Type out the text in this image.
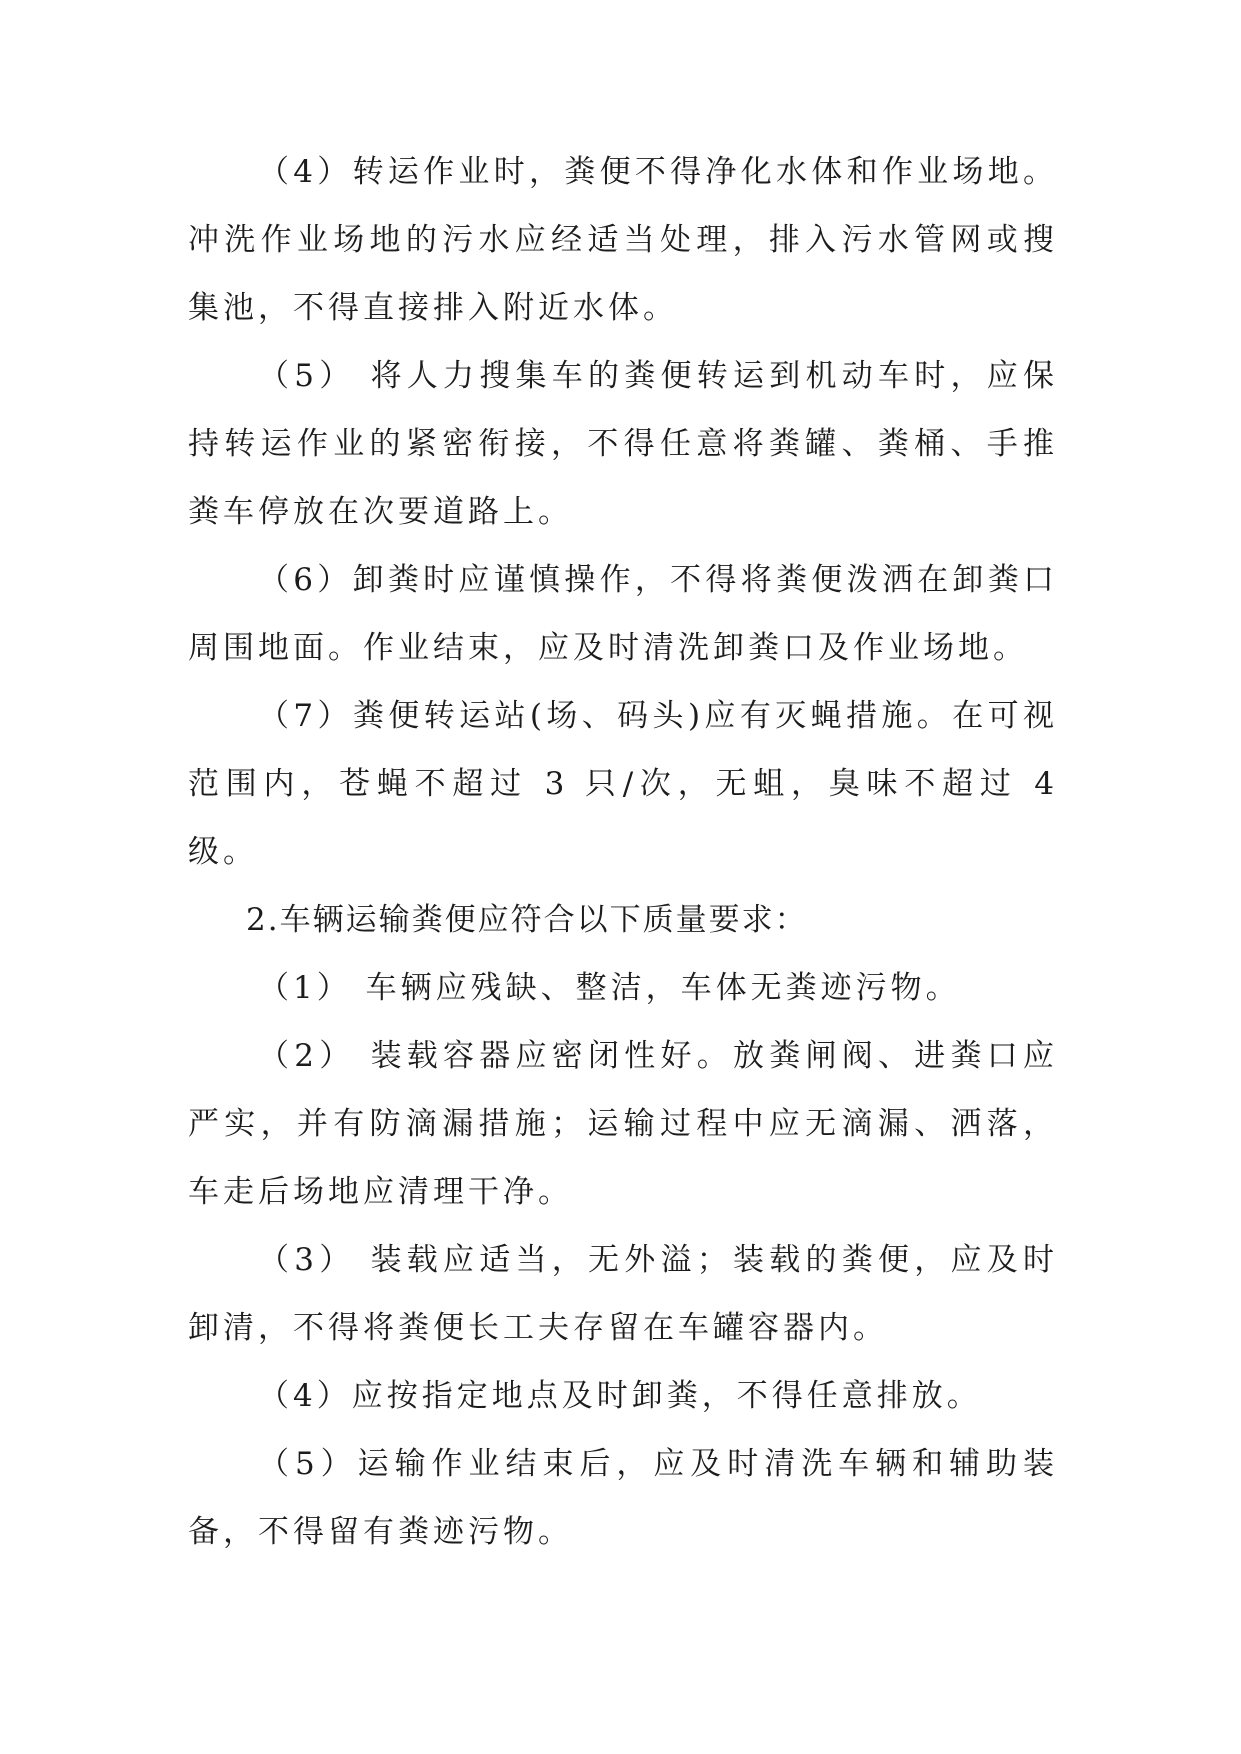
（4）转运作业时，粪便不得净化水体和作业场地。冲洗作业场地的污水应经适当处理，排入污水管网或搜集池，不得直接排入附近水体。

（5） 将人力搜集车的粪便转运到机动车时，应保持转运作业的紧密衔接，不得任意将粪罐、粪桶、手推粪车停放在次要道路上。

（6）卸粪时应谨慎操作，不得将粪便泼洒在卸粪口周围地面。作业结束，应及时清洗卸粪口及作业场地。

（7）粪便转运站(场、码头)应有灭蝇措施。在可视范围内，苍蝇不超过 3 只/次，无蛆，臭味不超过 4 级。

2.车辆运输粪便应符合以下质量要求：

（1） 车辆应残缺、整洁，车体无粪迹污物。

（2） 装载容器应密闭性好。放粪闸阀、进粪口应严实，并有防滴漏措施；运输过程中应无滴漏、洒落，车走后场地应清理干净。

（3） 装载应适当，无外溢；装载的粪便，应及时卸清，不得将粪便长工夫存留在车罐容器内。

（4）应按指定地点及时卸粪，不得任意排放。

（5）运输作业结束后，应及时清洗车辆和辅助装备，不得留有粪迹污物。
